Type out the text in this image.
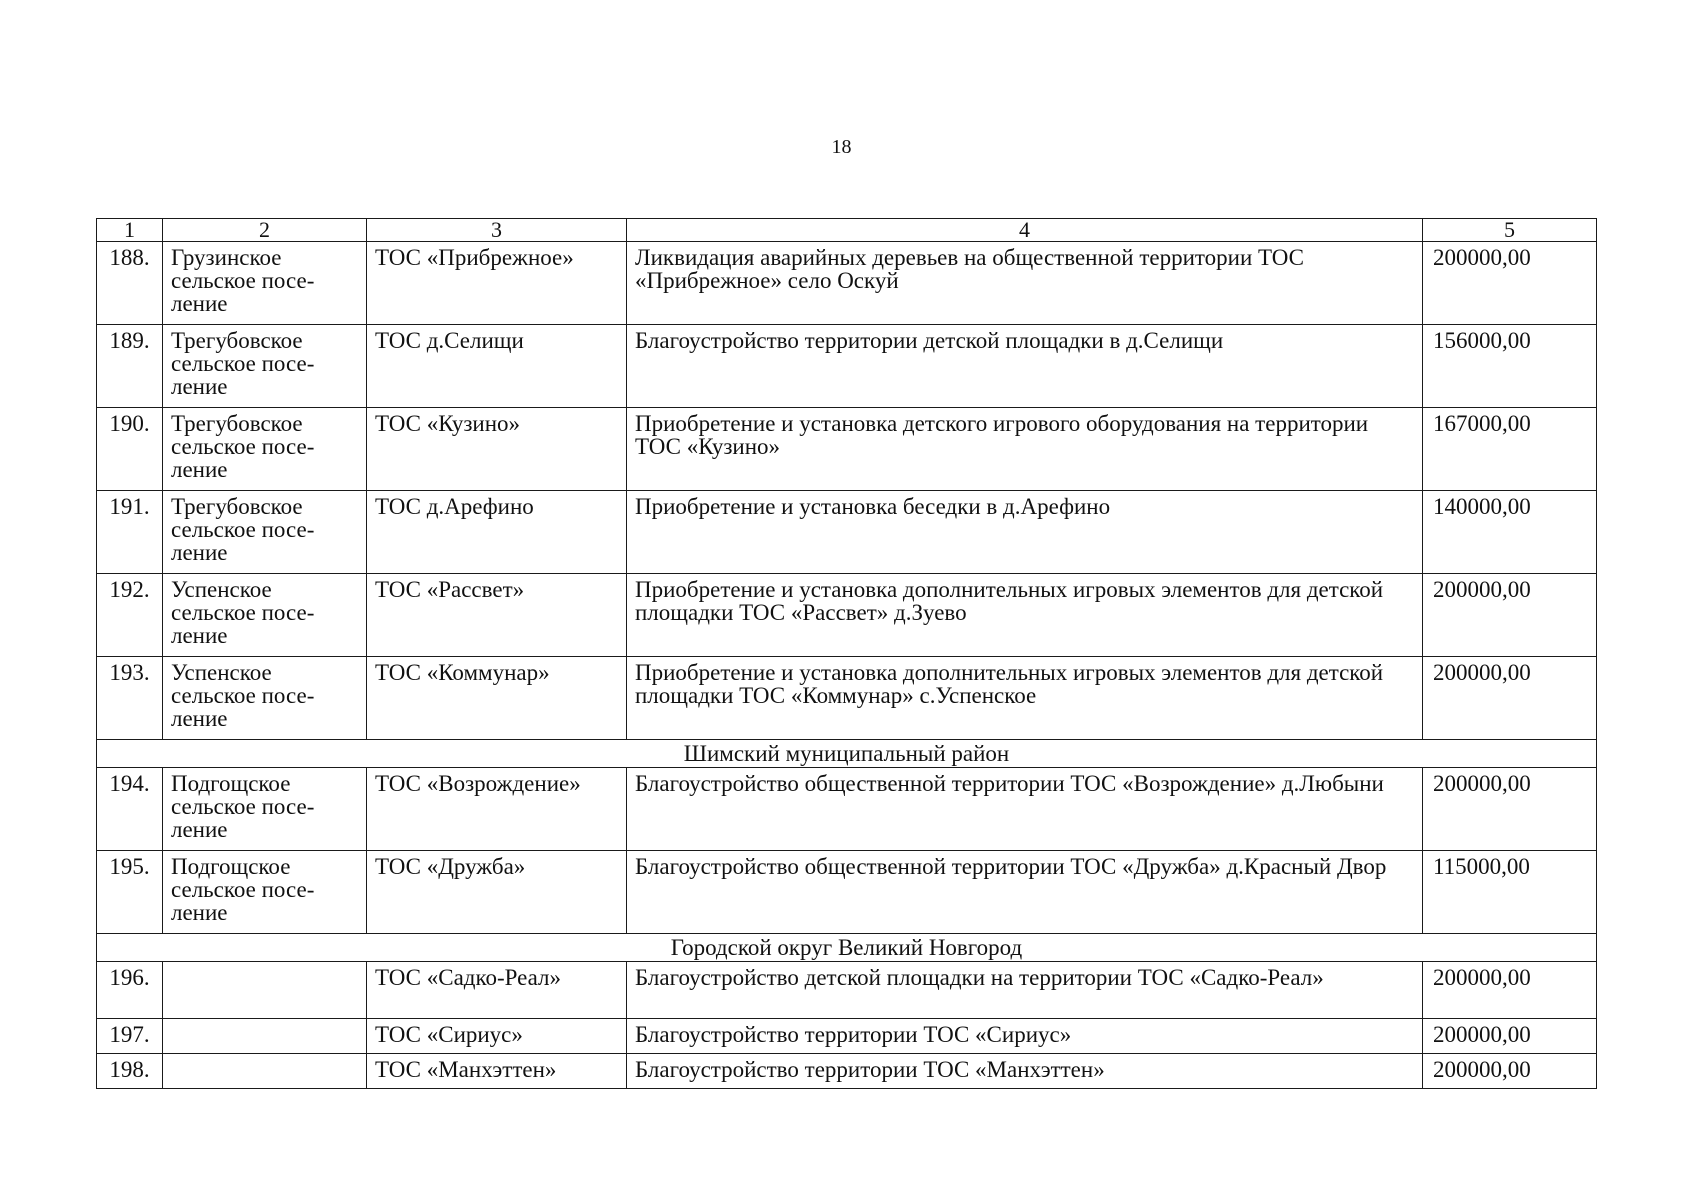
18
1	2	3	4	5
188.	Грузинское сельское посе-ление	ТОС «Прибрежное»	Ликвидация аварийных деревьев на общественной территории ТОС «Прибрежное» село Оскуй	200000,00
189.	Трегубовское сельское посе-ление	ТОС д.Селищи	Благоустройство территории детской площадки в д.Селищи	156000,00
190.	Трегубовское сельское посе-ление	ТОС «Кузино»	Приобретение и установка детского игрового оборудования на территории ТОС «Кузино»	167000,00
191.	Трегубовское сельское посе-ление	ТОС д.Арефино	Приобретение и установка беседки в д.Арефино	140000,00
192.	Успенское сельское посе-ление	ТОС «Рассвет»	Приобретение и установка дополнительных игровых элементов для детской площадки ТОС «Рассвет» д.Зуево	200000,00
193.	Успенское сельское посе-ление	ТОС «Коммунар»	Приобретение и установка дополнительных игровых элементов для детской площадки ТОС «Коммунар» с.Успенское	200000,00
Шимский муниципальный район				
194.	Подгощское сельское посе-ление	ТОС «Возрождение»	Благоустройство общественной территории ТОС «Возрождение» д.Любыни	200000,00
195.	Подгощское сельское посе-ление	ТОС «Дружба»	Благоустройство общественной территории ТОС «Дружба» д.Красный Двор	115000,00
Городской округ Великий Новгород				
196.		ТОС «Садко-Реал»	Благоустройство детской площадки на территории ТОС «Садко-Реал»	200000,00
197.		ТОС «Сириус»	Благоустройство территории ТОС «Сириус»	200000,00
198.		ТОС «Манхэттен»	Благоустройство территории ТОС «Манхэттен»	200000,00
